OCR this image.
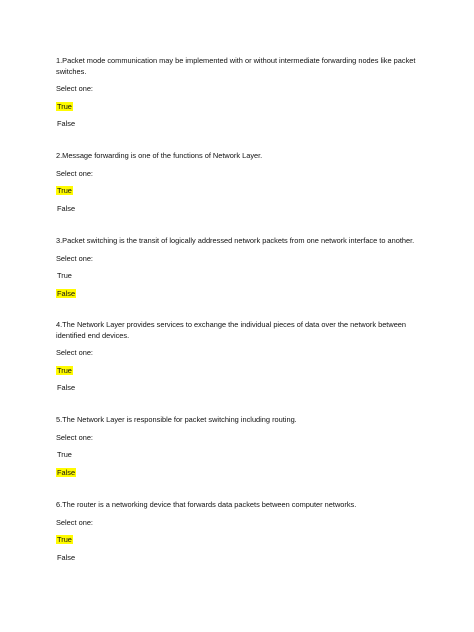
1.Packet mode communication may be implemented with or without intermediate forwarding nodes like packet switches.

Select one:

True

False

2.Message forwarding is one of the functions of Network Layer.

Select one:

True

False

3.Packet switching is the transit of logically addressed network packets from one network interface to another.

Select one:

True

False

4.The Network Layer provides services to exchange the individual pieces of data over the network between identified end devices.

Select one:

True

False

5.The Network Layer is responsible for packet switching including routing.

Select one:

True

False

6.The router is a networking device that forwards data packets between computer networks.

Select one:

True

False
